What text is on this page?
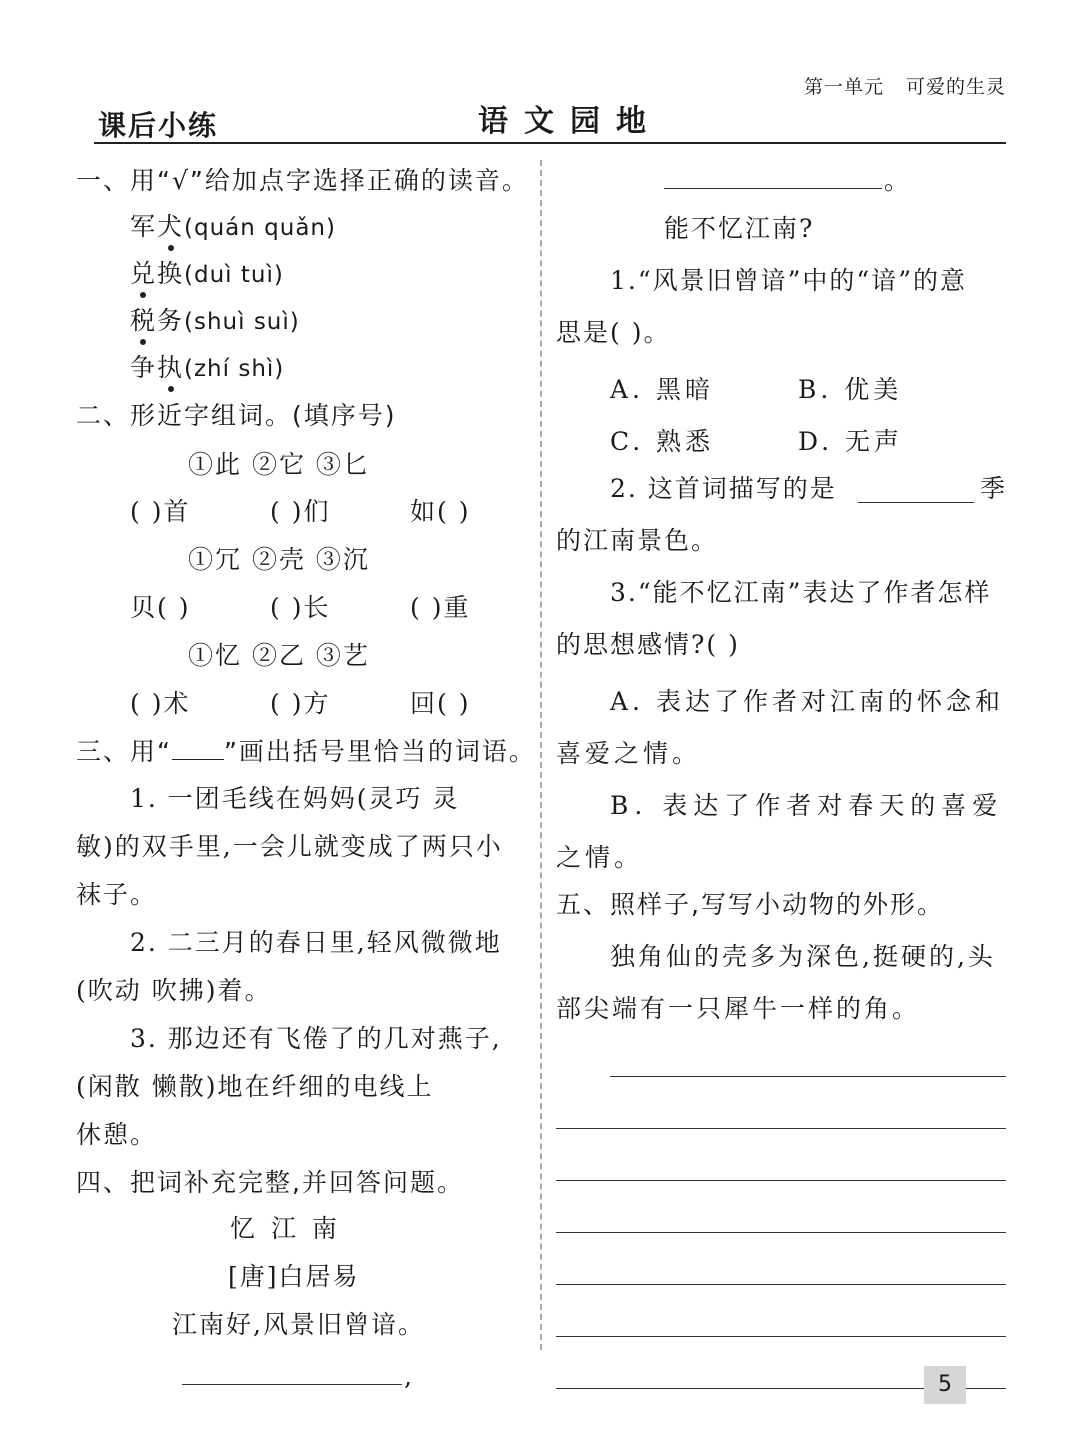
第一单元 可爱的生灵
课后小练	语文园地
一、用“√”给加点字选择正确的读音。
军犬(quán quǎn)
兑换(duì tuì)
税务(shuì suì)
争执(zhí shì)
二、形近字组词。(填序号)
①此 ②它 ③匕
( )首	( )们	如( )
①冗 ②壳 ③沉
贝( )	( )长	( )重
①忆 ②乙 ③艺
( )术	( )方	回( )
三、用“ ”画出括号里恰当的词语。
1. 一团毛线在妈妈(灵巧 灵
敏)的双手里,一会儿就变成了两只小
袜子。
2. 二三月的春日里,轻风微微地
(吹动 吹拂)着。
3. 那边还有飞倦了的几对燕子,
(闲散 懒散)地在纤细的电线上
休憩。
四、把词补充完整,并回答问题。
忆 江 南
[唐]白居易
江南好,风景旧曾谙。
,
。
能不忆江南?
1.“风景旧曾谙”中的“谙”的意
思是( )。
A. 黑暗	B. 优美
C. 熟悉	D. 无声
2. 这首词描写的是	季
的江南景色。
3.“能不忆江南”表达了作者怎样
的思想感情?( )
A. 表达了作者对江南的怀念和
喜爱之情。
B. 表达了作者对春天的喜爱
之情。
五、照样子,写写小动物的外形。
独角仙的壳多为深色,挺硬的,头
部尖端有一只犀牛一样的角。
5
